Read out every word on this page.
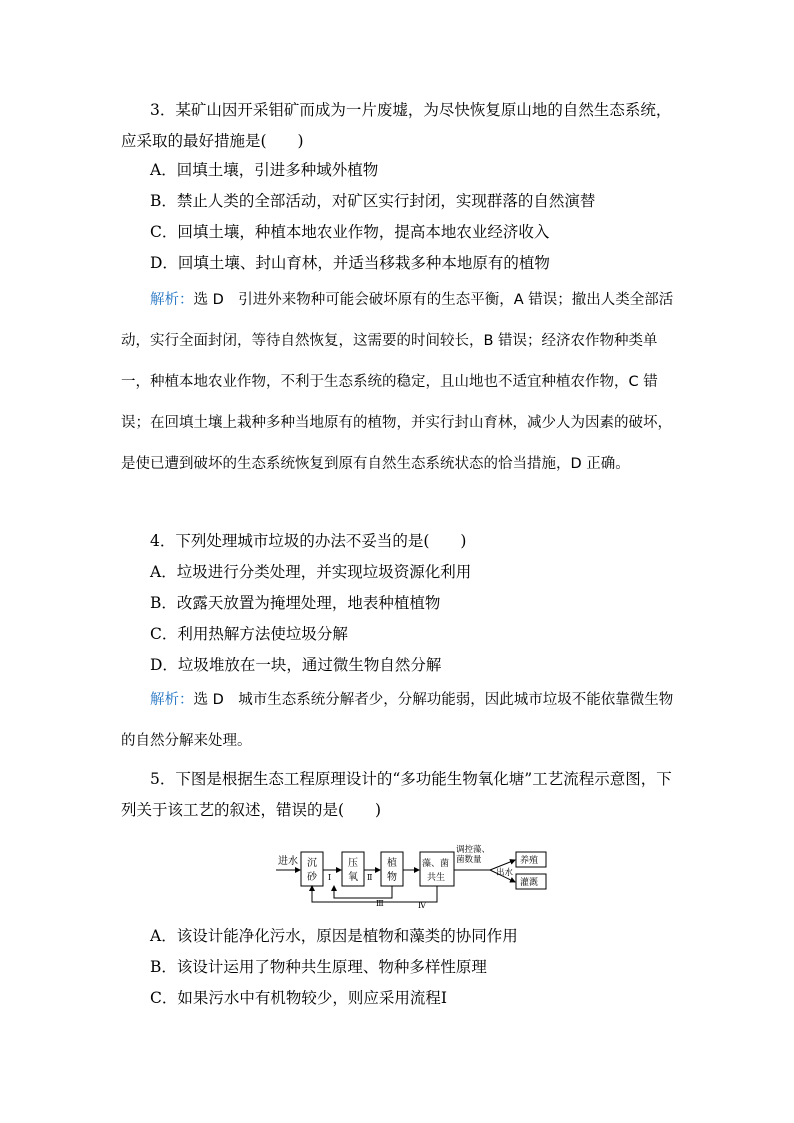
3．某矿山因开采钼矿而成为一片废墟，为尽快恢复原山地的自然生态系统，应采取的最好措施是(　　)
A．回填土壤，引进多种域外植物
B．禁止人类的全部活动，对矿区实行封闭，实现群落的自然演替
C．回填土壤，种植本地农业作物，提高本地农业经济收入
D．回填土壤、封山育林，并适当移栽多种本地原有的植物
解析：选 D　引进外来物种可能会破坏原有的生态平衡，A 错误；撤出人类全部活动，实行全面封闭，等待自然恢复，这需要的时间较长，B 错误；经济农作物种类单一，种植本地农业作物，不利于生态系统的稳定，且山地也不适宜种植农作物，C 错误；在回填土壤上栽种多种当地原有的植物，并实行封山育林，减少人为因素的破坏，是使已遭到破坏的生态系统恢复到原有自然生态系统状态的恰当措施，D 正确。
4．下列处理城市垃圾的办法不妥当的是(　　)
A．垃圾进行分类处理，并实现垃圾资源化利用
B．改露天放置为掩埋处理，地表种植植物
C．利用热解方法使垃圾分解
D．垃圾堆放在一块，通过微生物自然分解
解析：选 D　城市生态系统分解者少，分解功能弱，因此城市垃圾不能依靠微生物的自然分解来处理。
5．下图是根据生态工程原理设计的“多功能生物氧化塘”工艺流程示意图，下列关于该工艺的叙述，错误的是(　　)
进水 沉
砂 Ⅰ
压
氧 Ⅱ
植
物
藻、菌
共生
调控藻、
菌数量
出水
养殖
灌溉
Ⅲ	Ⅳ
A．该设计能净化污水，原因是植物和藻类的协同作用
B．该设计运用了物种共生原理、物种多样性原理
C．如果污水中有机物较少，则应采用流程Ⅰ
